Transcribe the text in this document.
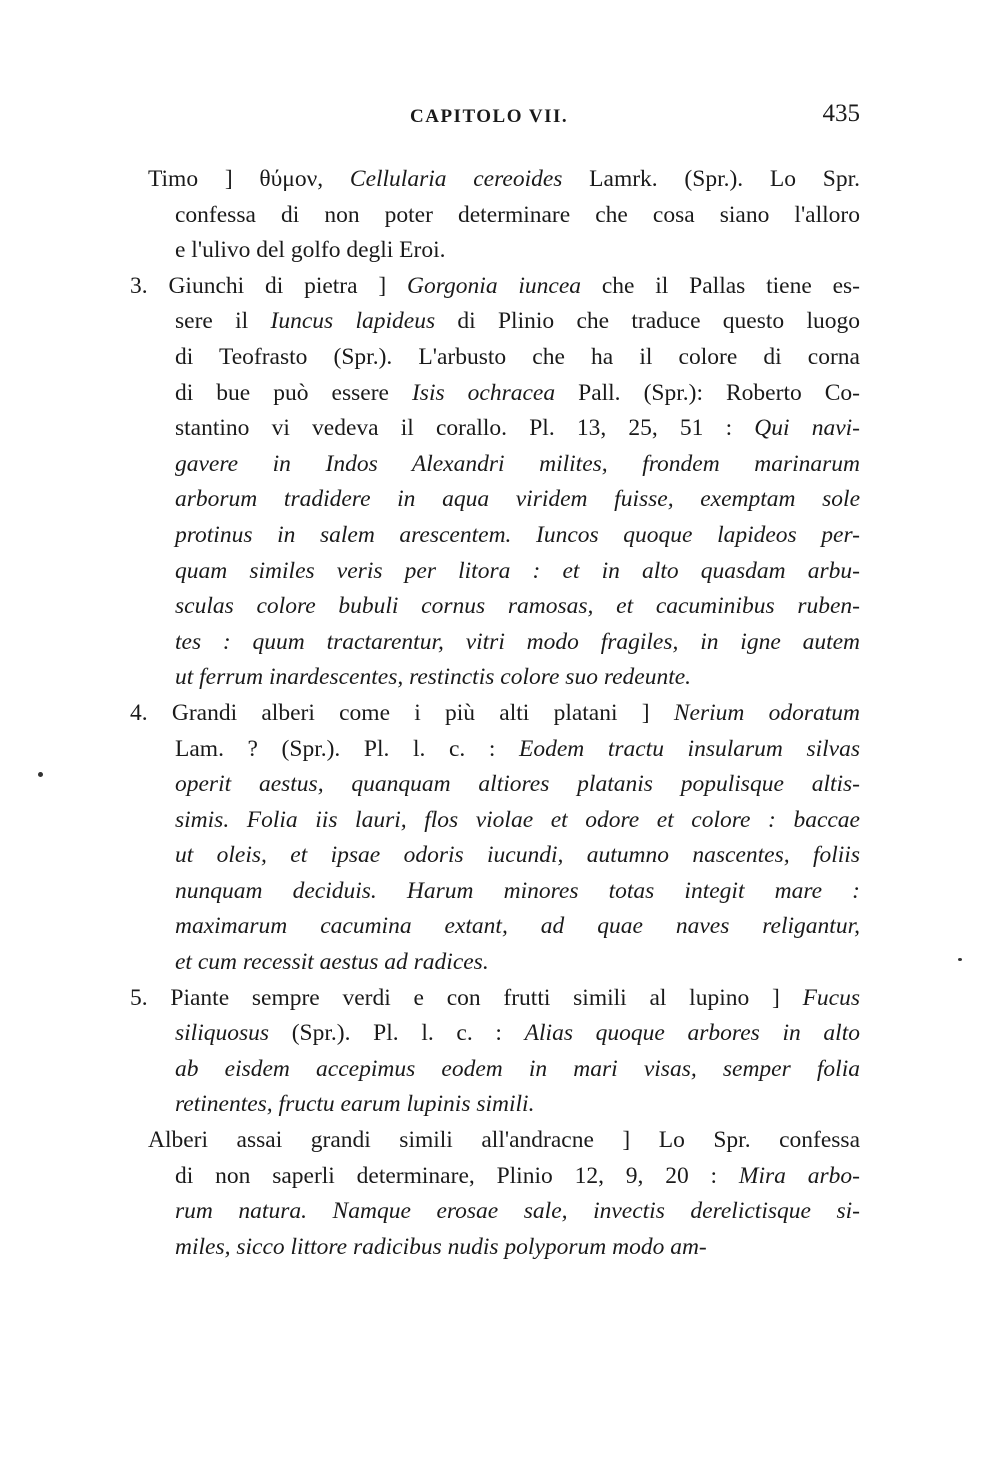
CAPITOLO VII.	435
Timo ] θύμον, Cellularia cereoides Lamrk. (Spr.). Lo Spr.
confessa di non poter determinare che cosa siano l'alloro
e l'ulivo del golfo degli Eroi.
3. Giunchi di pietra ] Gorgonia iuncea che il Pallas tiene es-
sere il Iuncus lapideus di Plinio che traduce questo luogo
di Teofrasto (Spr.). L'arbusto che ha il colore di corna
di bue può essere Isis ochracea Pall. (Spr.): Roberto Co-
stantino vi vedeva il corallo. Pl. 13, 25, 51 : Qui navi-
gavere in Indos Alexandri milites, frondem marinarum
arborum tradidere in aqua viridem fuisse, exemptam sole
protinus in salem arescentem. Iuncos quoque lapideos per-
quam similes veris per litora : et in alto quasdam arbu-
sculas colore bubuli cornus ramosas, et cacuminibus ruben-
tes : quum tractarentur, vitri modo fragiles, in igne autem
ut ferrum inardescentes, restinctis colore suo redeunte.
4. Grandi alberi come i più alti platani ] Nerium odoratum
Lam. ? (Spr.). Pl. l. c. : Eodem tractu insularum silvas
operit aestus, quanquam altiores platanis populisque altis-
simis. Folia iis lauri, flos violae et odore et colore : baccae
ut oleis, et ipsae odoris iucundi, autumno nascentes, foliis
nunquam deciduis. Harum minores totas integit mare :
maximarum cacumina extant, ad quae naves religantur,
et cum recessit aestus ad radices.
5. Piante sempre verdi e con frutti simili al lupino ] Fucus
siliquosus (Spr.). Pl. l. c. : Alias quoque arbores in alto
ab eisdem accepimus eodem in mari visas, semper folia
retinentes, fructu earum lupinis simili.
Alberi assai grandi simili all'andracne ] Lo Spr. confessa
di non saperli determinare, Plinio 12, 9, 20 : Mira arbo-
rum natura. Namque erosae sale, invectis derelictisque si-
miles, sicco littore radicibus nudis polyporum modo am-
